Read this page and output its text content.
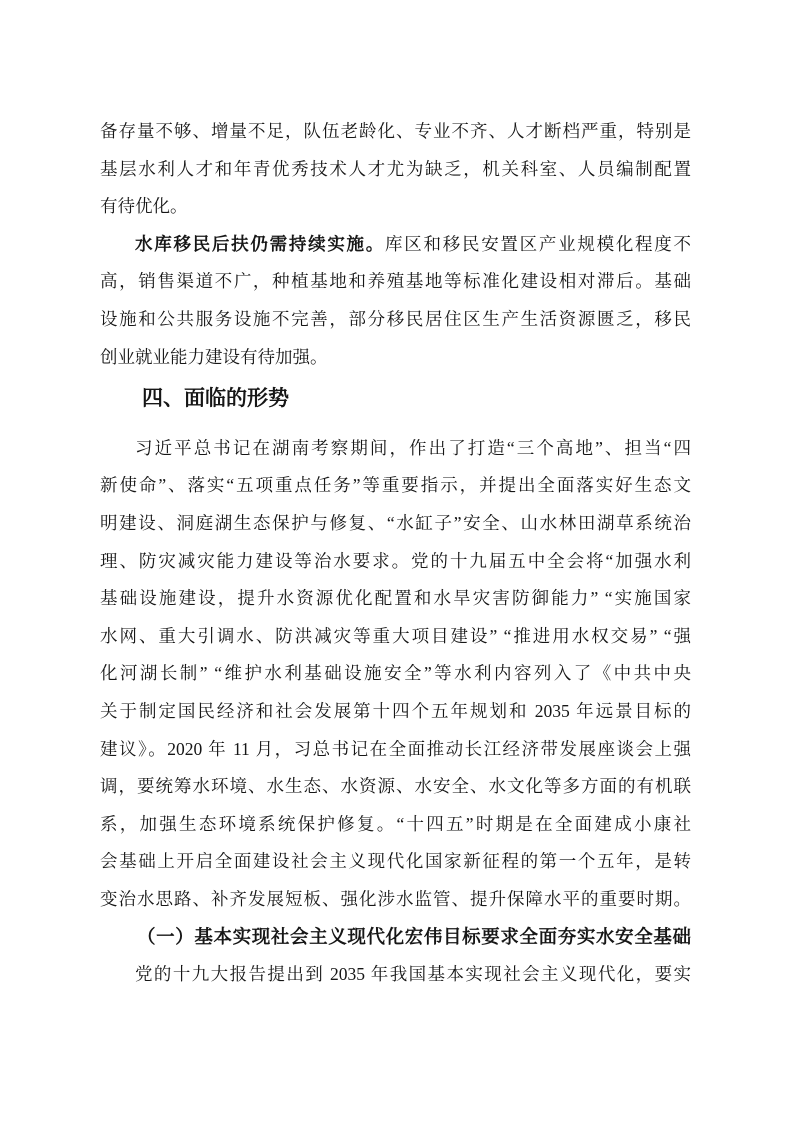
备存量不够、增量不足，队伍老龄化、专业不齐、人才断档严重，特别是
基层水利人才和年青优秀技术人才尤为缺乏，机关科室、人员编制配置
有待优化。
水库移民后扶仍需持续实施。库区和移民安置区产业规模化程度不
高，销售渠道不广，种植基地和养殖基地等标准化建设相对滞后。基础
设施和公共服务设施不完善，部分移民居住区生产生活资源匮乏，移民
创业就业能力建设有待加强。
四、面临的形势
习近平总书记在湖南考察期间，作出了打造“三个高地”、担当“四
新使命”、落实“五项重点任务”等重要指示，并提出全面落实好生态文
明建设、洞庭湖生态保护与修复、“水缸子”安全、山水林田湖草系统治
理、防灾减灾能力建设等治水要求。党的十九届五中全会将“加强水利
基础设施建设，提升水资源优化配置和水旱灾害防御能力” “实施国家
水网、重大引调水、防洪减灾等重大项目建设” “推进用水权交易” “强
化河湖长制” “维护水利基础设施安全”等水利内容列入了《中共中央
关于制定国民经济和社会发展第十四个五年规划和 2035 年远景目标的
建议》。2020 年 11 月，习总书记在全面推动长江经济带发展座谈会上强
调，要统筹水环境、水生态、水资源、水安全、水文化等多方面的有机联
系，加强生态环境系统保护修复。“十四五”时期是在全面建成小康社
会基础上开启全面建设社会主义现代化国家新征程的第一个五年，是转
变治水思路、补齐发展短板、强化涉水监管、提升保障水平的重要时期。
（一）基本实现社会主义现代化宏伟目标要求全面夯实水安全基础
党的十九大报告提出到 2035 年我国基本实现社会主义现代化，要实
